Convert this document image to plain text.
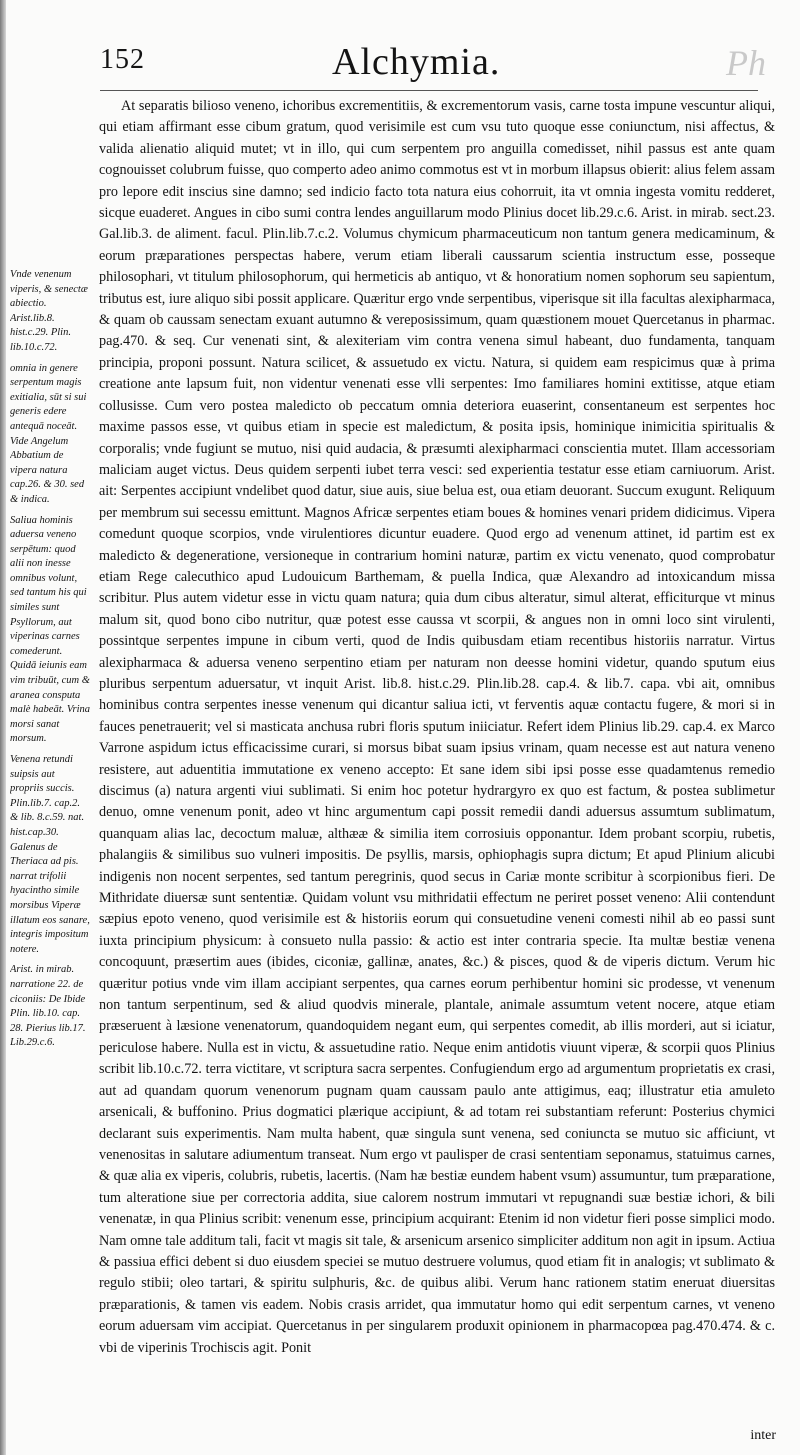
152	Alchymia.	Ph

Vnde venenum viperis, & senectæ abiectio. Arist.lib.8. hist.c.29. Plin. lib.10.c.72.

omnia in genere serpentum magis exitialia, sūt si sui generis edere antequā noceāt. Vide Angelum Abbatium de vipera natura cap.26. & 30. sed & indica.

Saliua hominis aduersa veneno serpētum: quod alii non inesse omnibus volunt, sed tantum his qui similes sunt Psyllorum, aut viperinas carnes comederunt. Quidā ieiunis eam vim tribuūt, cum & aranea consputa malè habeāt. Vrina morsi sanat morsum.

Venena retundi suipsis aut propriis succis. Plin.lib.7. cap.2. & lib. 8.c.59. nat. hist.cap.30. Galenus de Theriaca ad pis. narrat trifolii hyacintho simile morsibus Viperæ illatum eos sanare, integris impositum notere.

Arist. in mirab. narratione 22. de ciconiis: De Ibide Plin. lib.10. cap. 28. Pierius lib.17. Lib.29.c.6.

At separatis bilioso veneno, ichoribus excrementitiis, & excrementorum vasis, carne tosta impune vescuntur aliqui, qui etiam affirmant esse cibum gratum, quod verisimile est cum vsu tuto quoque esse coniunctum, nisi affectus, & valida alienatio aliquid mutet; vt in illo, qui cum serpentem pro anguilla comedisset, nihil passus est ante quam cognouisset colubrum fuisse, quo comperto adeo animo commotus est vt in morbum illapsus obierit: alius felem assam pro lepore edit inscius sine damno; sed indicio facto tota natura eius cohorruit, ita vt omnia ingesta vomitu redderet, sicque euaderet. Angues in cibo sumi contra lendes anguillarum modo Plinius docet lib.29.c.6. Arist. in mirab. sect.23. Gal.lib.3. de aliment. facul. Plin.lib.7.c.2. Volumus chymicum pharmaceuticum non tantum genera medicaminum, & eorum præparationes perspectas habere, verum etiam liberali caussarum scientia instructum esse, posseque philosophari, vt titulum philosophorum, qui hermeticis ab antiquo, vt & honoratium nomen sophorum seu sapientum, tributus est, iure aliquo sibi possit applicare. Quæritur ergo vnde serpentibus, viperisque sit illa facultas alexipharmaca, & quam ob caussam senectam exuant autumno & vereposissimum, quam quæstionem mouet Quercetanus in pharmac. pag.470. & seq. Cur venenati sint, & alexiteriam vim contra venena simul habeant, duo fundamenta, tanquam principia, proponi possunt. Natura scilicet, & assuetudo ex victu. Natura, si quidem eam respicimus quæ à prima creatione ante lapsum fuit, non videntur venenati esse vlli serpentes: Imo familiares homini extitisse, atque etiam collusisse. Cum vero postea maledicto ob peccatum omnia deteriora euaserint, consentaneum est serpentes hoc maxime passos esse, vt quibus etiam in specie est maledictum, & posita ipsis, hominique inimicitia spiritualis & corporalis; vnde fugiunt se mutuo, nisi quid audacia, & præsumti alexipharmaci conscientia mutet. Illam accessoriam maliciam auget victus. Deus quidem serpenti iubet terra vesci: sed experientia testatur esse etiam carniuorum. Arist. ait: Serpentes accipiunt vndelibet quod datur, siue auis, siue belua est, oua etiam deuorant. Succum exugunt. Reliquum per membrum sui secessu emittunt. Magnos Africæ serpentes etiam boues & homines venari pridem didicimus. Vipera comedunt quoque scorpios, vnde virulentiores dicuntur euadere. Quod ergo ad venenum attinet, id partim est ex maledicto & degeneratione, versioneque in contrarium homini naturæ, partim ex victu venenato, quod comprobatur etiam Rege calecuthico apud Ludouicum Barthemam, & puella Indica, quæ Alexandro ad intoxicandum missa scribitur. Plus autem videtur esse in victu quam natura; quia dum cibus alteratur, simul alterat, efficiturque vt minus malum sit, quod bono cibo nutritur, quæ potest esse caussa vt scorpii, & angues non in omni loco sint virulenti, possintque serpentes impune in cibum verti, quod de Indis quibusdam etiam recentibus historiis narratur. Virtus alexipharmaca & aduersa veneno serpentino etiam per naturam non deesse homini videtur, quando sputum eius pluribus serpentum aduersatur, vt inquit Arist. lib.8. hist.c.29. Plin.lib.28. cap.4. & lib.7. capa. vbi ait, omnibus hominibus contra serpentes inesse venenum qui dicantur saliua icti, vt ferventis aquæ contactu fugere, & mori si in fauces penetrauerit; vel si masticata anchusa rubri floris sputum iniiciatur. Refert idem Plinius lib.29. cap.4. ex Marco Varrone aspidum ictus efficacissime curari, si morsus bibat suam ipsius vrinam, quam necesse est aut natura veneno resistere, aut aduentitia immutatione ex veneno accepto: Et sane idem sibi ipsi posse esse quadamtenus remedio discimus (a) natura argenti viui sublimati. Si enim hoc potetur hydrargyro ex quo est factum, & postea sublimetur denuo, omne venenum ponit, adeo vt hinc argumentum capi possit remedii dandi aduersus assumtum sublimatum, quanquam alias lac, decoctum maluæ, althææ & similia item corrosiuis opponantur. Idem probant scorpiu, rubetis, phalangiis & similibus suo vulneri impositis. De psyllis, marsis, ophiophagis supra dictum; Et apud Plinium alicubi indigenis non nocent serpentes, sed tantum peregrinis, quod secus in Cariæ monte scribitur à scorpionibus fieri. De Mithridate diuersæ sunt sententiæ. Quidam volunt vsu mithridatii effectum ne periret posset veneno: Alii contendunt sæpius epoto veneno, quod verisimile est & historiis eorum qui consuetudine veneni comesti nihil ab eo passi sunt iuxta principium physicum: à consueto nulla passio: & actio est inter contraria specie. Ita multæ bestiæ venena concoquunt, præsertim aues (ibides, ciconiæ, gallinæ, anates, &c.) & pisces, quod & de viperis dictum. Verum hic quæritur potius vnde vim illam accipiant serpentes, qua carnes eorum perhibentur homini sic prodesse, vt venenum non tantum serpentinum, sed & aliud quodvis minerale, plantale, animale assumtum vetent nocere, atque etiam præseruent à læsione venenatorum, quandoquidem negant eum, qui serpentes comedit, ab illis morderi, aut si iciatur, periculose habere. Nulla est in victu, & assuetudine ratio. Neque enim antidotis viuunt viperæ, & scorpii quos Plinius scribit lib.10.c.72. terra victitare, vt scriptura sacra serpentes. Confugiendum ergo ad argumentum proprietatis ex crasi, aut ad quandam quorum venenorum pugnam quam caussam paulo ante attigimus, eaq; illustratur etia amuleto arsenicali, & buffonino. Prius dogmatici plærique accipiunt, & ad totam rei substantiam referunt: Posterius chymici declarant suis experimentis. Nam multa habent, quæ singula sunt venena, sed coniuncta se mutuo sic afficiunt, vt venenositas in salutare adiumentum transeat. Num ergo vt paulisper de crasi sententiam seponamus, statuimus carnes, & quæ alia ex viperis, colubris, rubetis, lacertis. (Nam hæ bestiæ eundem habent vsum) assumuntur, tum præparatione, tum alteratione siue per correctoria addita, siue calorem nostrum immutari vt repugnandi suæ bestiæ ichori, & bili venenatæ, in qua Plinius scribit: venenum esse, principium acquirant: Etenim id non videtur fieri posse simplici modo. Nam omne tale additum tali, facit vt magis sit tale, & arsenicum arsenico simpliciter additum non agit in ipsum. Actiua & passiua effici debent si duo eiusdem speciei se mutuo destruere volumus, quod etiam fit in analogis; vt sublimato & regulo stibii; oleo tartari, & spiritu sulphuris, &c. de quibus alibi. Verum hanc rationem statim eneruat diuersitas præparationis, & tamen vis eadem. Nobis crasis arridet, qua immutatur homo qui edit serpentum carnes, vt veneno eorum aduersam vim accipiat. Quercetanus in per singularem produxit opinionem in pharmacopœa pag.470.474. & c. vbi de viperinis Trochiscis agit. Ponit

inter
